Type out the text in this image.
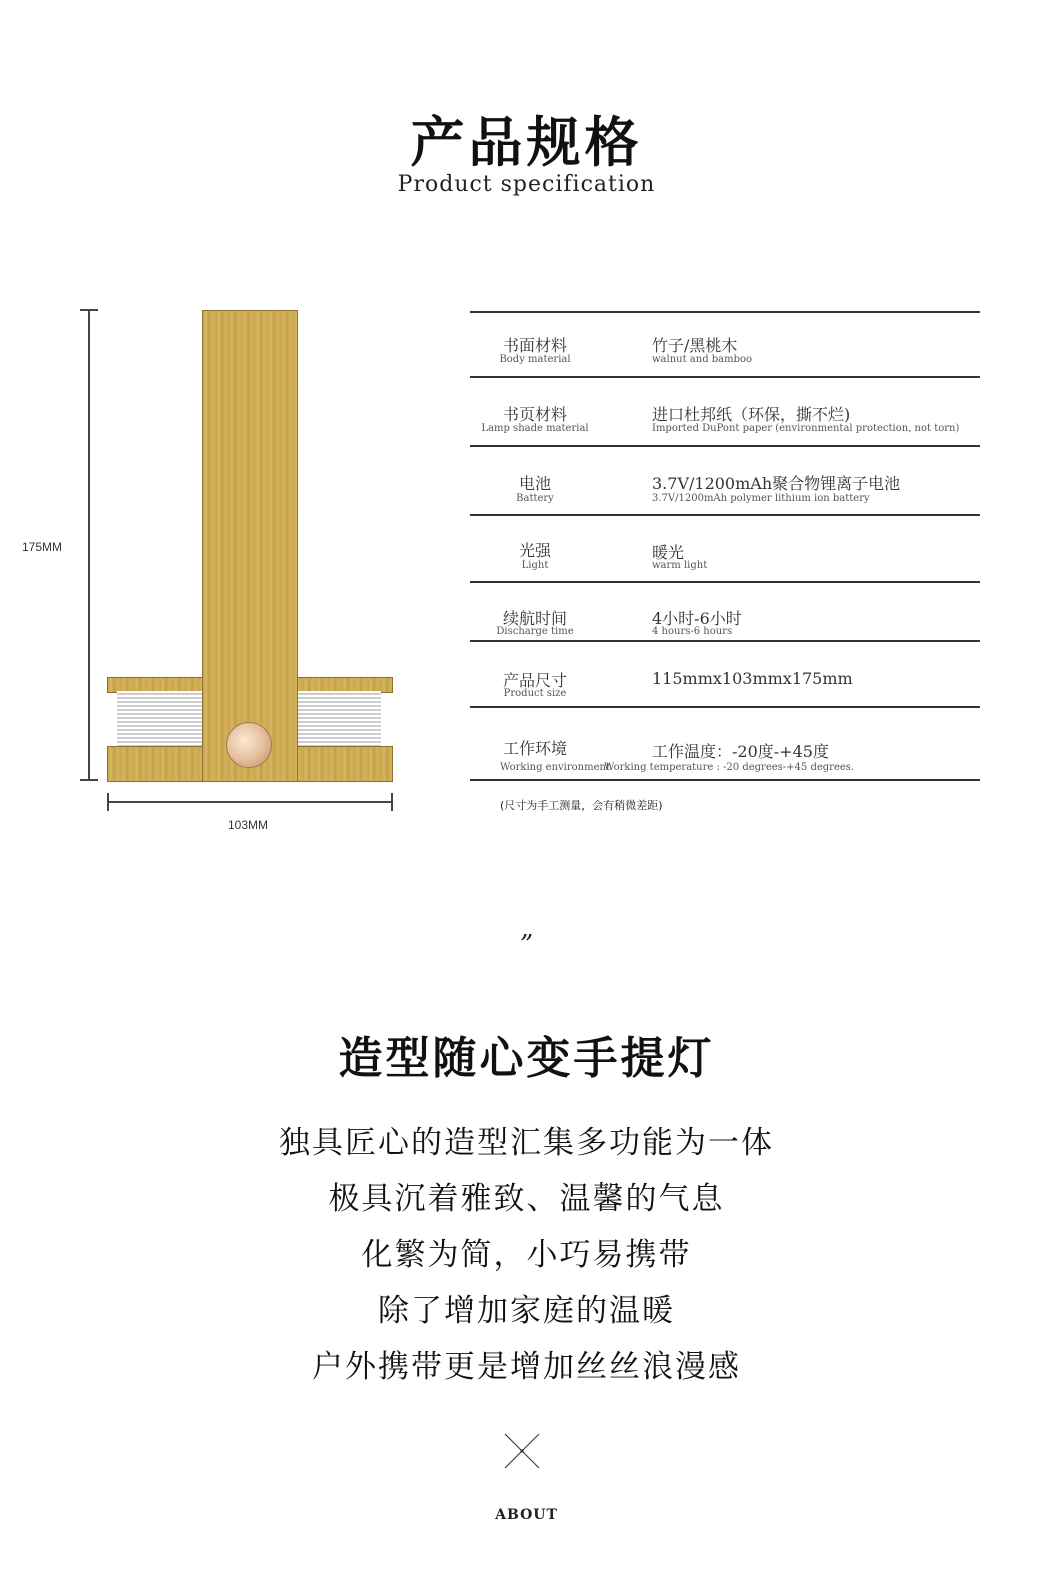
产品规格
Product specification
175MM
103MM
书面材料
Body material
竹子/黑桃木
walnut and bamboo
书页材料
Lamp shade material
进口杜邦纸（环保，撕不烂)
Imported DuPont paper (environmental protection, not torn)
电池
Battery
3.7V/1200mAh聚合物锂离子电池
3.7V/1200mAh polymer lithium ion battery
光强
Light
暖光
warm light
续航时间
Discharge time
4小时-6小时
4 hours-6 hours
产品尺寸
Product size
115mmx103mmx175mm
工作环境	工作温度：-20度-+45度
Working environment
Working temperature : -20 degrees-+45 degrees.
(尺寸为手工测量，会有稍微差距)
”
造型随心变手提灯
独具匠心的造型汇集多功能为一体
极具沉着雅致、温馨的气息
化繁为简，小巧易携带
除了增加家庭的温暖
户外携带更是增加丝丝浪漫感
ABOUT
